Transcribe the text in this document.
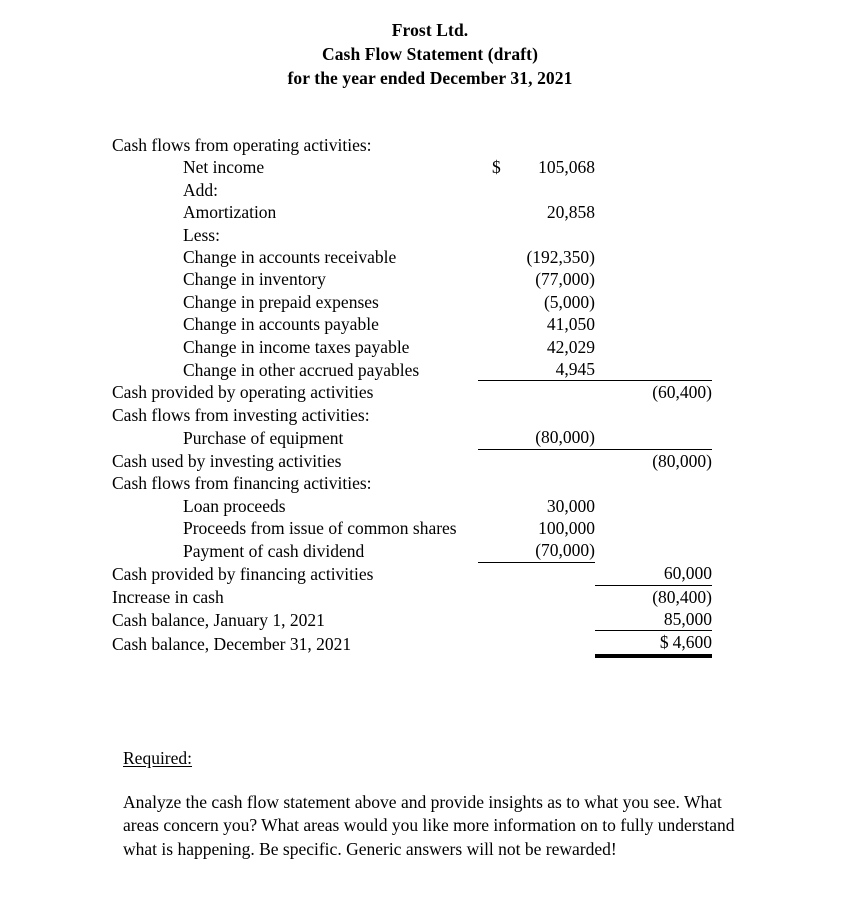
Frost Ltd.
Cash Flow Statement (draft)
for the year ended December 31, 2021
Cash flows from operating activities:		
Net income	$ 105,068	
Add:		
Amortization	20,858	
Less:		
Change in accounts receivable	(192,350)	
Change in inventory	(77,000)	
Change in prepaid expenses	(5,000)	
Change in accounts payable	41,050	
Change in income taxes payable	42,029	
Change in other accrued payables	4,945	
Cash provided by operating activities		(60,400)
Cash flows from investing activities:		
Purchase of equipment	(80,000)	
Cash used by investing activities		(80,000)
Cash flows from financing activities:		
Loan proceeds	30,000	
Proceeds from issue of common shares	100,000	
Payment of cash dividend	(70,000)	
Cash provided by financing activities		60,000
Increase in cash		(80,400)
Cash balance, January 1, 2021		85,000
Cash balance, December 31, 2021		$ 4,600
Required:

Analyze the cash flow statement above and provide insights as to what you see. What areas concern you? What areas would you like more information on to fully understand what is happening. Be specific. Generic answers will not be rewarded!
